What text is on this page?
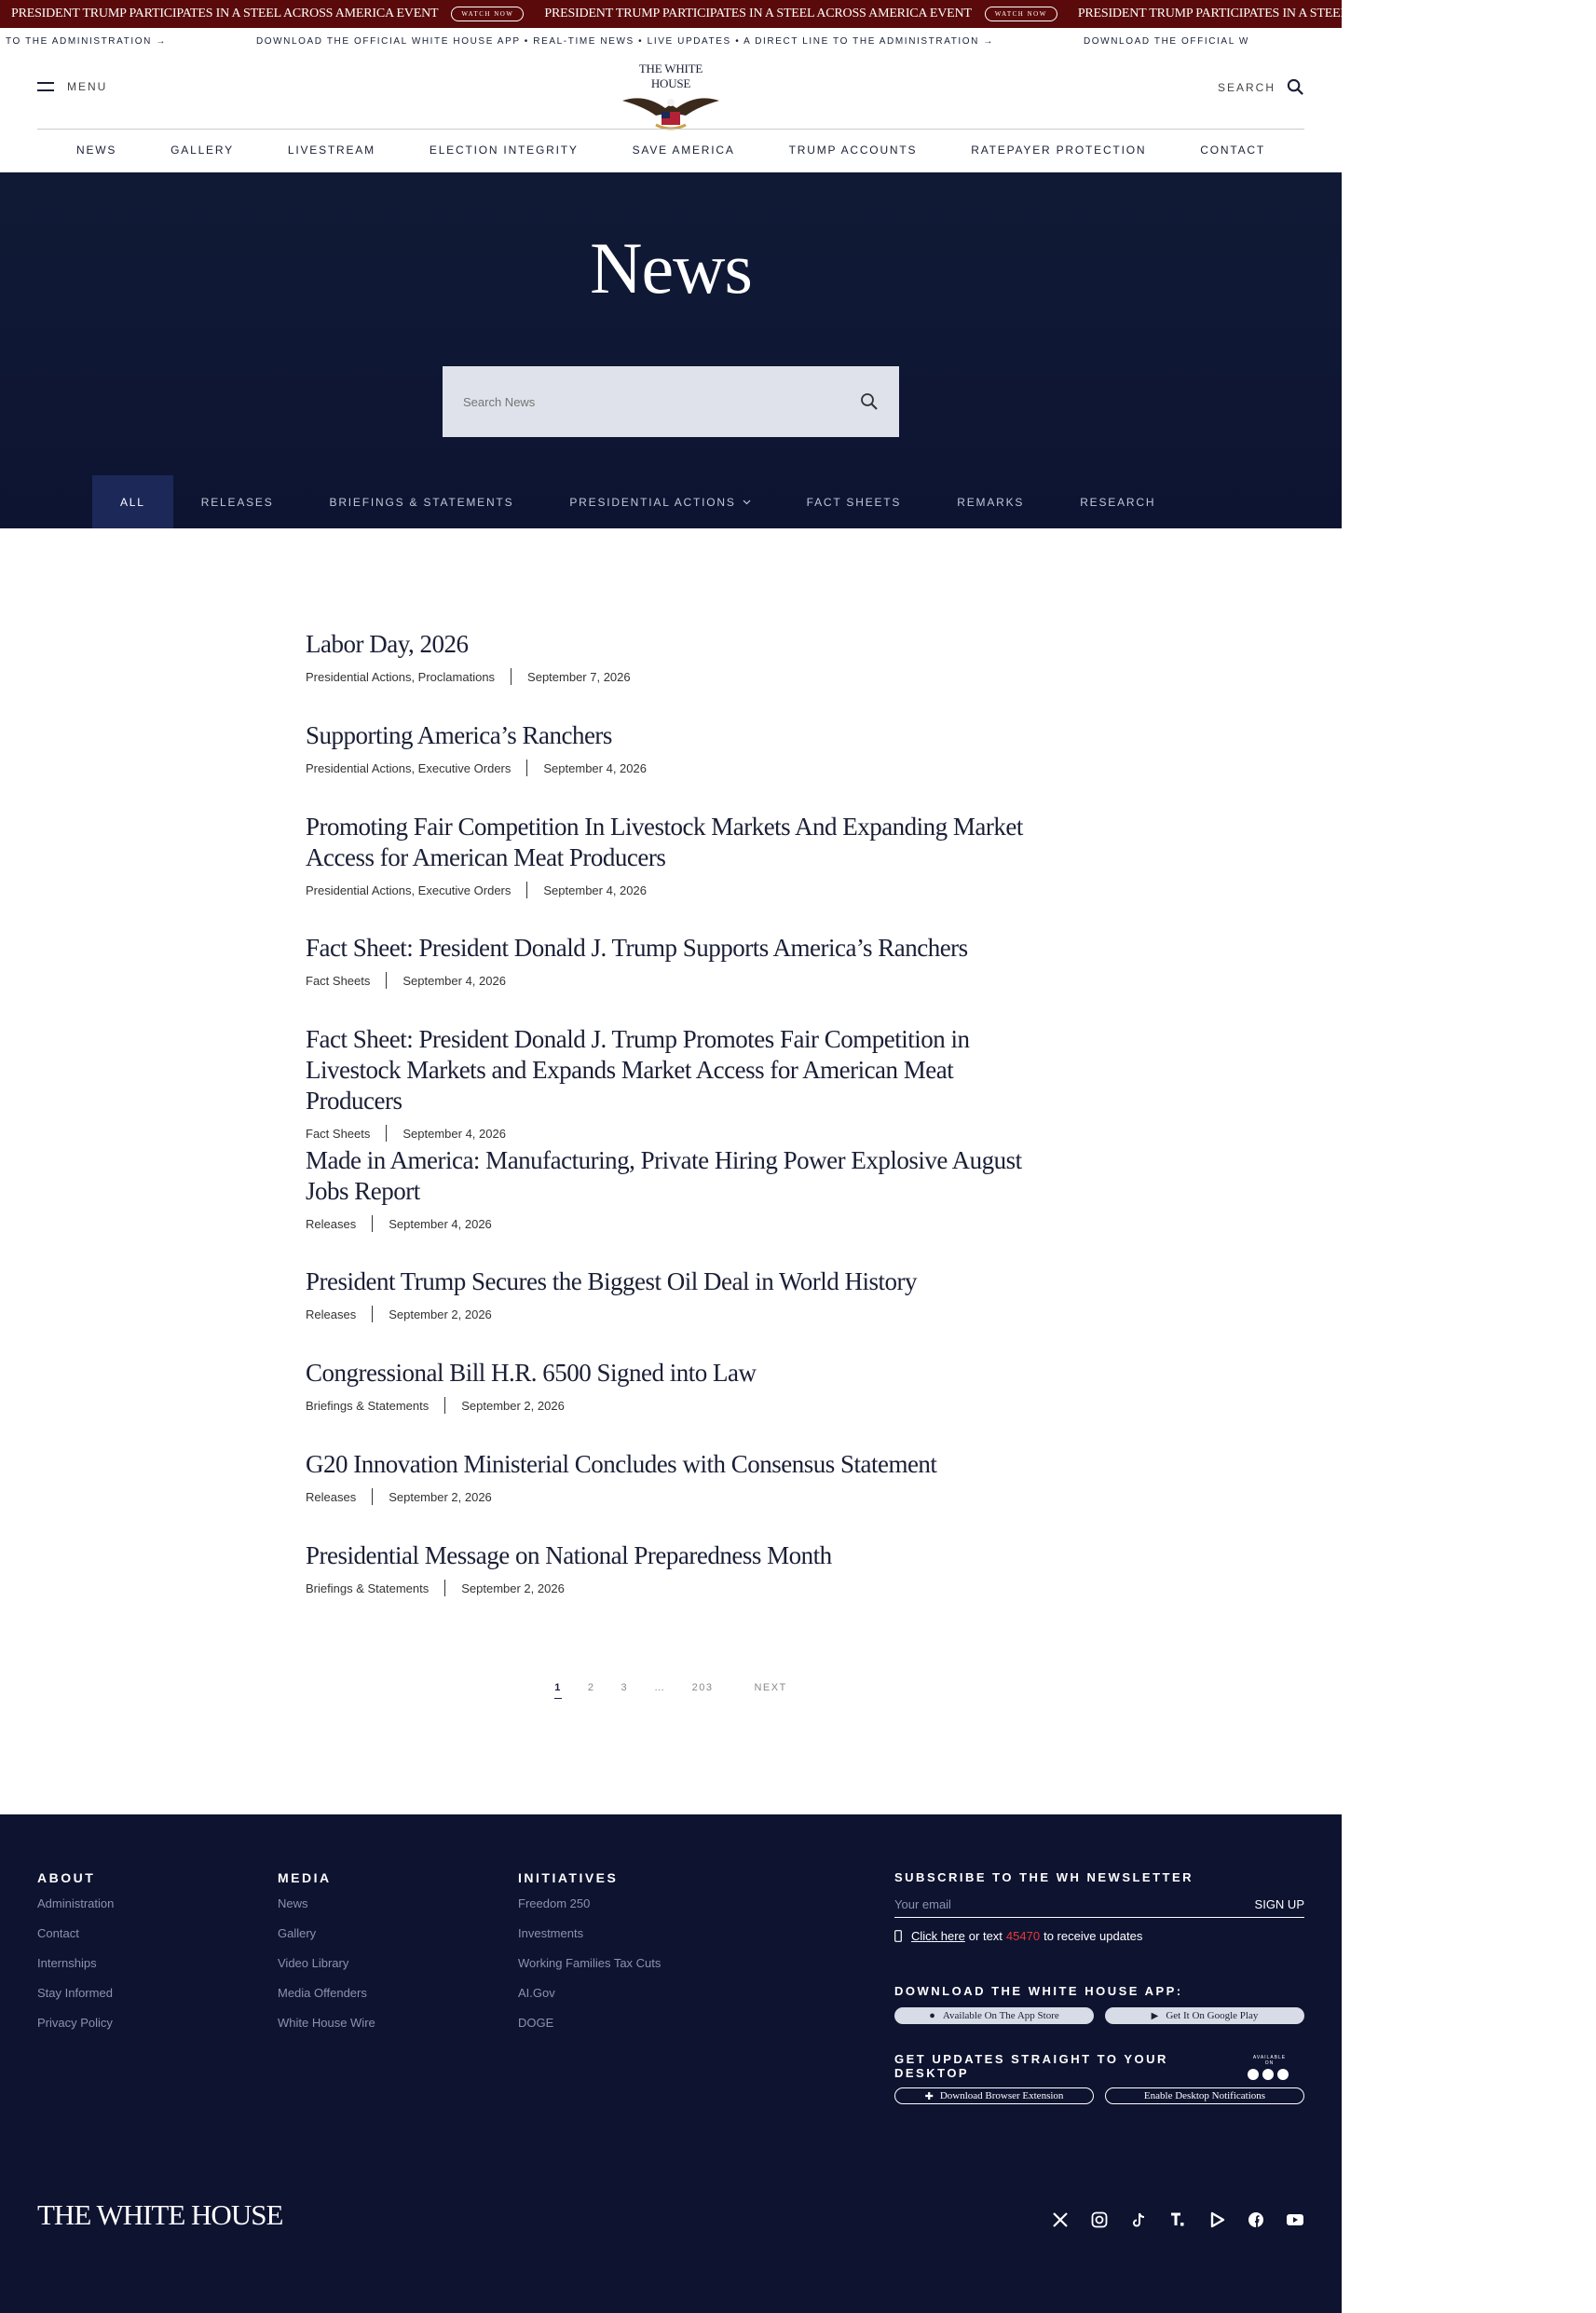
PRESIDENT TRUMP PARTICIPATES IN A STEEL ACROSS AMERICA EVENT	WATCH NOW	PRESIDENT TRUMP PARTICIPATES IN A STEEL ACROSS AMERICA EVENT	WATCH NOW	PRESIDENT TRUMP PARTICIPATES IN A STEEL ACROSS AMERICA EVENT	WATCH NOW
TO THE ADMINISTRATION →	DOWNLOAD THE OFFICIAL WHITE HOUSE APP • REAL-TIME NEWS • LIVE UPDATES • A DIRECT LINE TO THE ADMINISTRATION →	DOWNLOAD THE OFFICIAL W
MENU
THE WHITE HOUSE	SEARCH
NEWS	GALLERY	LIVESTREAM	ELECTION INTEGRITY	SAVE AMERICA	TRUMP ACCOUNTS	RATEPAYER PROTECTION	CONTACT
News
Search News
ALL	RELEASES	BRIEFINGS & STATEMENTS	PRESIDENTIAL ACTIONS	FACT SHEETS	REMARKS	RESEARCH
Labor Day, 2026
Presidential Actions, Proclamations	September 7, 2026
Supporting America’s Ranchers
Presidential Actions, Executive Orders	September 4, 2026
Promoting Fair Competition In Livestock Markets And Expanding Market Access for American Meat Producers
Presidential Actions, Executive Orders	September 4, 2026
Fact Sheet: President Donald J. Trump Supports America’s Ranchers
Fact Sheets	September 4, 2026
Fact Sheet: President Donald J. Trump Promotes Fair Competition in Livestock Markets and Expands Market Access for American Meat Producers
Fact Sheets	September 4, 2026
Made in America: Manufacturing, Private Hiring Power Explosive August Jobs Report
Releases	September 4, 2026
President Trump Secures the Biggest Oil Deal in World History
Releases	September 2, 2026
Congressional Bill H.R. 6500 Signed into Law
Briefings & Statements	September 2, 2026
G20 Innovation Ministerial Concludes with Consensus Statement
Releases	September 2, 2026
Presidential Message on National Preparedness Month
Briefings & Statements	September 2, 2026
1	2	3	…	203	NEXT
ABOUT
Administration
Contact
Internships
Stay Informed
Privacy Policy
MEDIA
News
Gallery
Video Library
Media Offenders
White House Wire
INITIATIVES
Freedom 250
Investments
Working Families Tax Cuts
AI.Gov
DOGE
SUBSCRIBE TO THE WH NEWSLETTER
Your email	SIGN UP
Click here or text 45470 to receive updates
DOWNLOAD THE WHITE HOUSE APP:
● Available On The App Store	▶ Get It On Google Play
GET UPDATES STRAIGHT TO YOUR DESKTOP
AVAILABLE ON
✚ Download Browser Extension	Enable Desktop Notifications
THE WHITE HOUSE
